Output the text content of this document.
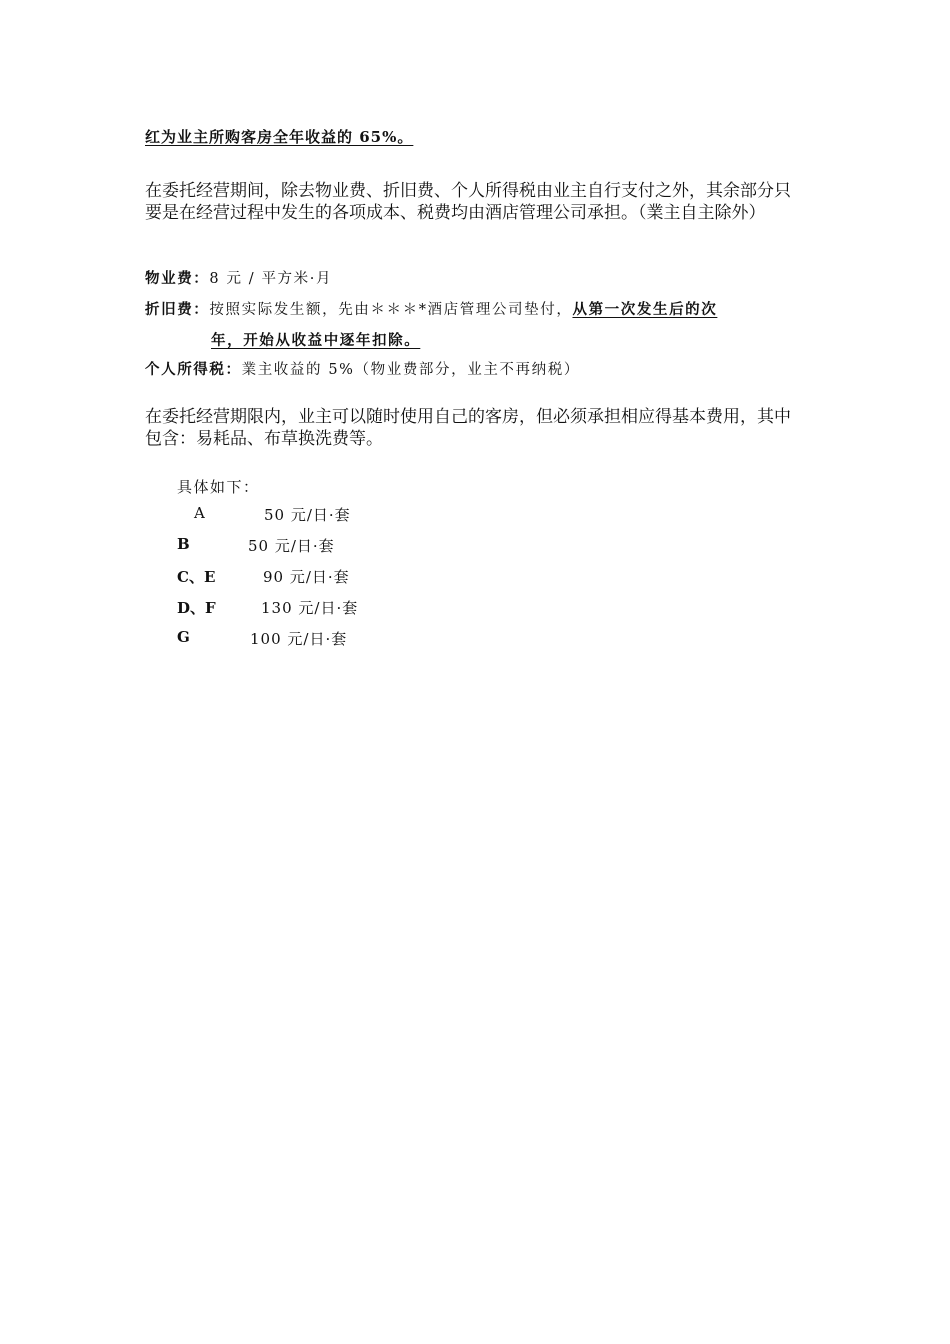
红为业主所购客房全年收益的 65%。
在委托经营期间，除去物业费、折旧费、个人所得税由业主自行支付之外，其余部分只要是在经营过程中发生的各项成本、税费均由酒店管理公司承担。（業主自主除外）
物业费：8 元 / 平方米·月
折旧费：按照实际发生额，先由＊＊＊*酒店管理公司垫付，从第一次发生后的次
年，开始从收益中逐年扣除。
个人所得税：業主收益的 5%（物业费部分，业主不再纳税）
在委托经营期限内，业主可以随时使用自己的客房，但必须承担相应得基本费用，其中包含：易耗品、布草换洗费等。
具体如下：
A	50 元/日·套
B	50 元/日·套
C、E	90 元/日·套
D、F	130 元/日·套
G	100 元/日·套
